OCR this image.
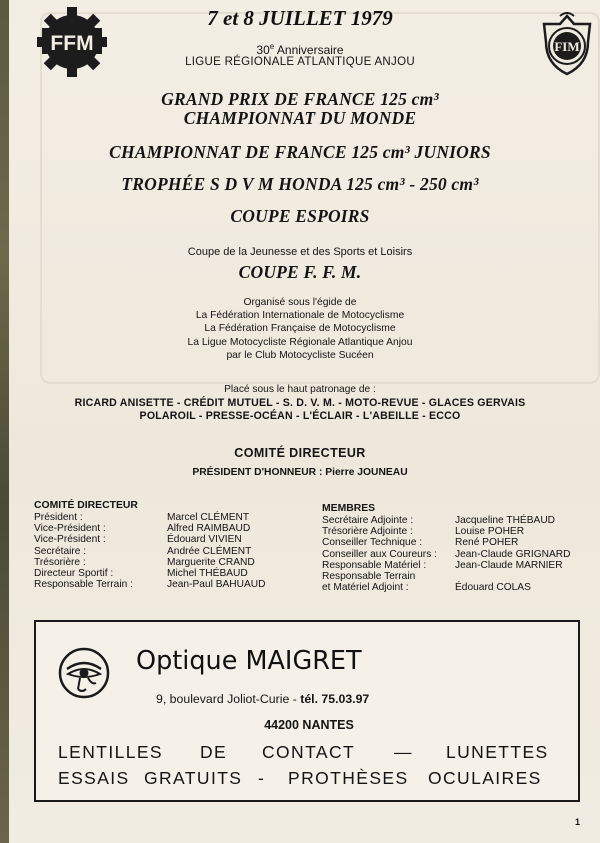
FFM	FIM
7 et 8 JUILLET 1979
30e Anniversaire
LIGUE RÉGIONALE ATLANTIQUE ANJOU
GRAND PRIX DE FRANCE 125 cm³
CHAMPIONNAT DU MONDE
CHAMPIONNAT DE FRANCE 125 cm³ JUNIORS
TROPHÉE S D V M HONDA 125 cm³ - 250 cm³
COUPE ESPOIRS
Coupe de la Jeunesse et des Sports et Loisirs
COUPE F. F. M.
Organisé sous l'égide de
La Fédération Internationale de Motocyclisme
La Fédération Française de Motocyclisme
La Ligue Motocycliste Régionale Atlantique Anjou
par le Club Motocycliste Sucéen
Placé sous le haut patronage de :
RICARD ANISETTE - CRÉDIT MUTUEL - S. D. V. M. - MOTO-REVUE - GLACES GERVAIS
POLAROIL - PRESSE-OCÉAN - L'ÉCLAIR - L'ABEILLE - ECCO
COMITÉ DIRECTEUR
PRÉSIDENT D'HONNEUR : Pierre JOUNEAU
COMITÉ DIRECTEUR
Président :
Vice-Président :
Vice-Président :
Secrétaire :
Trésorière :
Directeur Sportif :
Responsable Terrain :
Marcel CLÉMENT
Alfred RAIMBAUD
Édouard VIVIEN
Andrée CLÉMENT
Marguerite CRAND
Michel THÉBAUD
Jean-Paul BAHUAUD
MEMBRES
Secrétaire Adjointe :
Trésorière Adjointe :
Conseiller Technique :
Conseiller aux Coureurs :
Responsable Matériel :
Responsable Terrain
et Matériel Adjoint :
Jacqueline THÉBAUD
Louise POHER
René POHER
Jean-Claude GRIGNARD
Jean-Claude MARNIER
Édouard COLAS
Optique MAIGRET
9, boulevard Joliot-Curie - tél. 75.03.97
44200 NANTES
LENTILLES DE CONTACT — LUNETTES
ESSAIS GRATUITS - PROTHÈSES OCULAIRES
1
